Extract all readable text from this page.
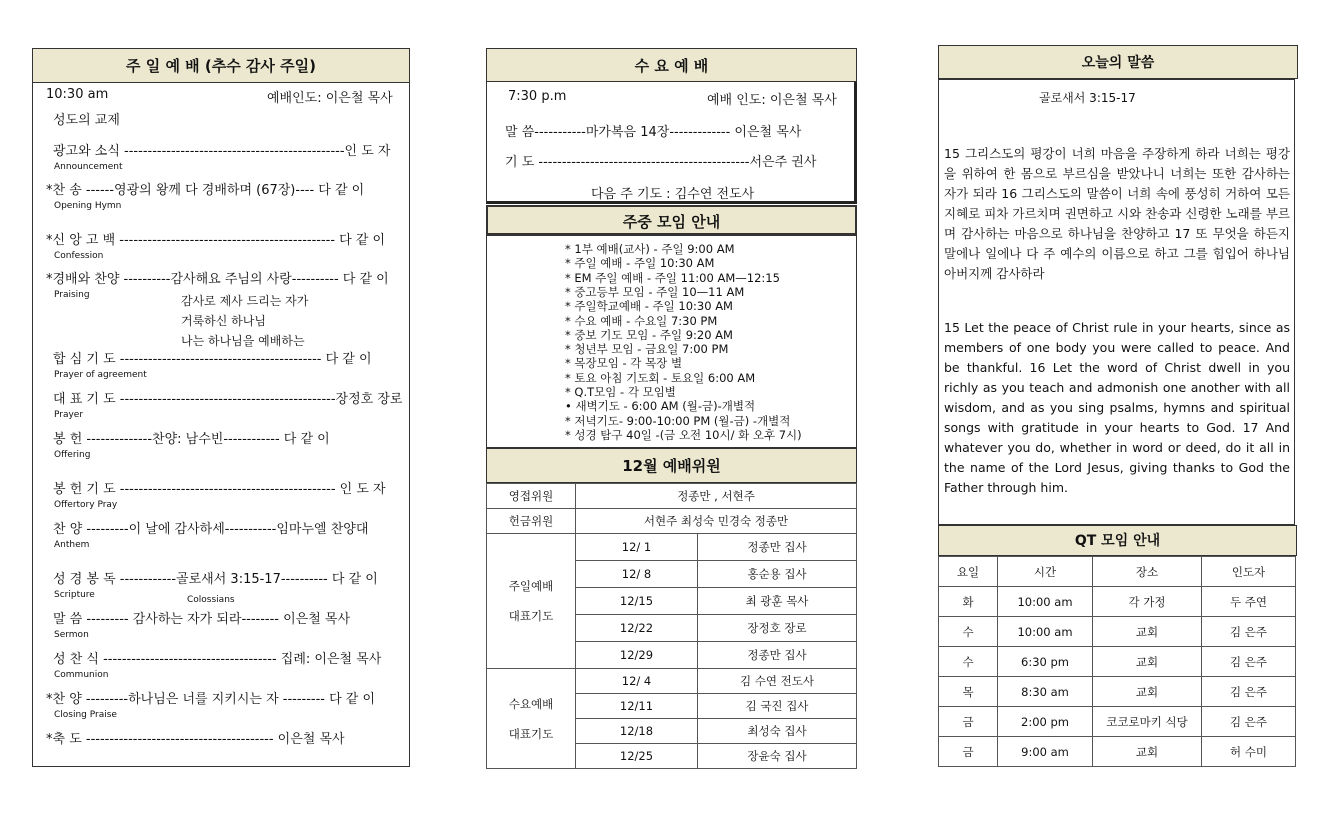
주 일 예 배 (추수 감사 주일)
10:30 am	예배인도: 이은철 목사
성도의 교제
광고와 소식 -----------------------------------------------인 도 자
Announcement
*찬 송 ------영광의 왕께 다 경배하며 (67장)---- 다 같 이
Opening Hymn
*신 앙 고 백 ---------------------------------------------- 다 같 이
Confession
*경배와 찬양 ----------감사해요 주님의 사랑---------- 다 같 이
Praising
합 심 기 도 ------------------------------------------- 다 같 이
Prayer of agreement
대 표 기 도 ----------------------------------------------장정호 장로
Prayer
봉 헌 --------------찬양: 남수빈------------ 다 같 이
Offering
봉 헌 기 도 ---------------------------------------------- 인 도 자
Offertory Pray
찬 양 ---------이 날에 감사하세-----------임마누엘 찬양대
Anthem
성 경 봉 독 ------------골로새서 3:15-17---------- 다 같 이
Scripture
말 씀 --------- 감사하는 자가 되라-------- 이은철 목사
Sermon
성 찬 식 ------------------------------------- 집례: 이은철 목사
Communion
*찬 양 ---------하나님은 너를 지키시는 자 --------- 다 같 이
Closing Praise
*축 도 ---------------------------------------- 이은철 목사
감사로 제사 드리는 자가
거룩하신 하나님
나는 하나님을 예배하는
Colossians
수 요 예 배
7:30 p.m	예배 인도: 이은철 목사
말 씀-----------마가복음 14장------------- 이은철 목사
기 도 ---------------------------------------------서은주 권사
다음 주 기도 : 김수연 전도사
주중 모임 안내
* 1부 예배(교사) - 주일 9:00 AM
* 주일 예배 - 주일 10:30 AM
* EM 주일 예배 - 주일 11:00 AM—12:15
* 중고등부 모임 - 주일 10—11 AM
* 주일학교예배 - 주일 10:30 AM
* 수요 예배 - 수요일 7:30 PM
* 중보 기도 모임 - 주일 9:20 AM
* 청년부 모임 - 금요일 7:00 PM
* 목장모임 - 각 목장 별
* 토요 아침 기도회 - 토요일 6:00 AM
* Q.T모임 - 각 모임별
• 새벽기도 - 6:00 AM (월-금)-개별적
* 저녁기도- 9:00-10:00 PM (월-금) -개별적
* 성경 탐구 40일 -(금 오전 10시/ 화 오후 7시)
12월 예배위원
영접위원	정종만 , 서현주	
헌금위원	서현주 최성숙 민경숙 정종만	

주일예배
대표기도	12/ 1	정종만 집사
	12/ 8	홍순용 집사
	12/15	최 광훈 목사
	12/22	장정호 장로
	12/29	정종만 집사

수요예배
대표기도	12/ 4	김 수연 전도사
	12/11	김 국진 집사
	12/18	최성숙 집사
	12/25	장윤숙 집사
오늘의 말씀
골로새서 3:15-17
15 그리스도의 평강이 너희 마음을 주장하게 하라 너희는 평강을 위하여 한 몸으로 부르심을 받았나니 너희는 또한 감사하는 자가 되라 16 그리스도의 말씀이 너희 속에 풍성히 거하여 모든 지혜로 피차 가르치며 권면하고 시와 찬송과 신령한 노래를 부르며 감사하는 마음으로 하나님을 찬양하고 17 또 무엇을 하든지 말에나 일에나 다 주 예수의 이름으로 하고 그를 힘입어 하나님 아버지께 감사하라
15 Let the peace of Christ rule in your hearts, since as members of one body you were called to peace. And be thankful. 16 Let the word of Christ dwell in you richly as you teach and admonish one another with all wisdom, and as you sing psalms, hymns and spiritual songs with gratitude in your hearts to God. 17 And whatever you do, whether in word or deed, do it all in the name of the Lord Jesus, giving thanks to God the Father through him.
QT 모임 안내
요일	시간	장소	인도자
화	10:00 am	각 가정	두 주연
수	10:00 am	교회	김 은주
수	6:30 pm	교회	김 은주
목	8:30 am	교회	김 은주
금	2:00 pm	코코로마키 식당	김 은주
금	9:00 am	교회	허 수미
